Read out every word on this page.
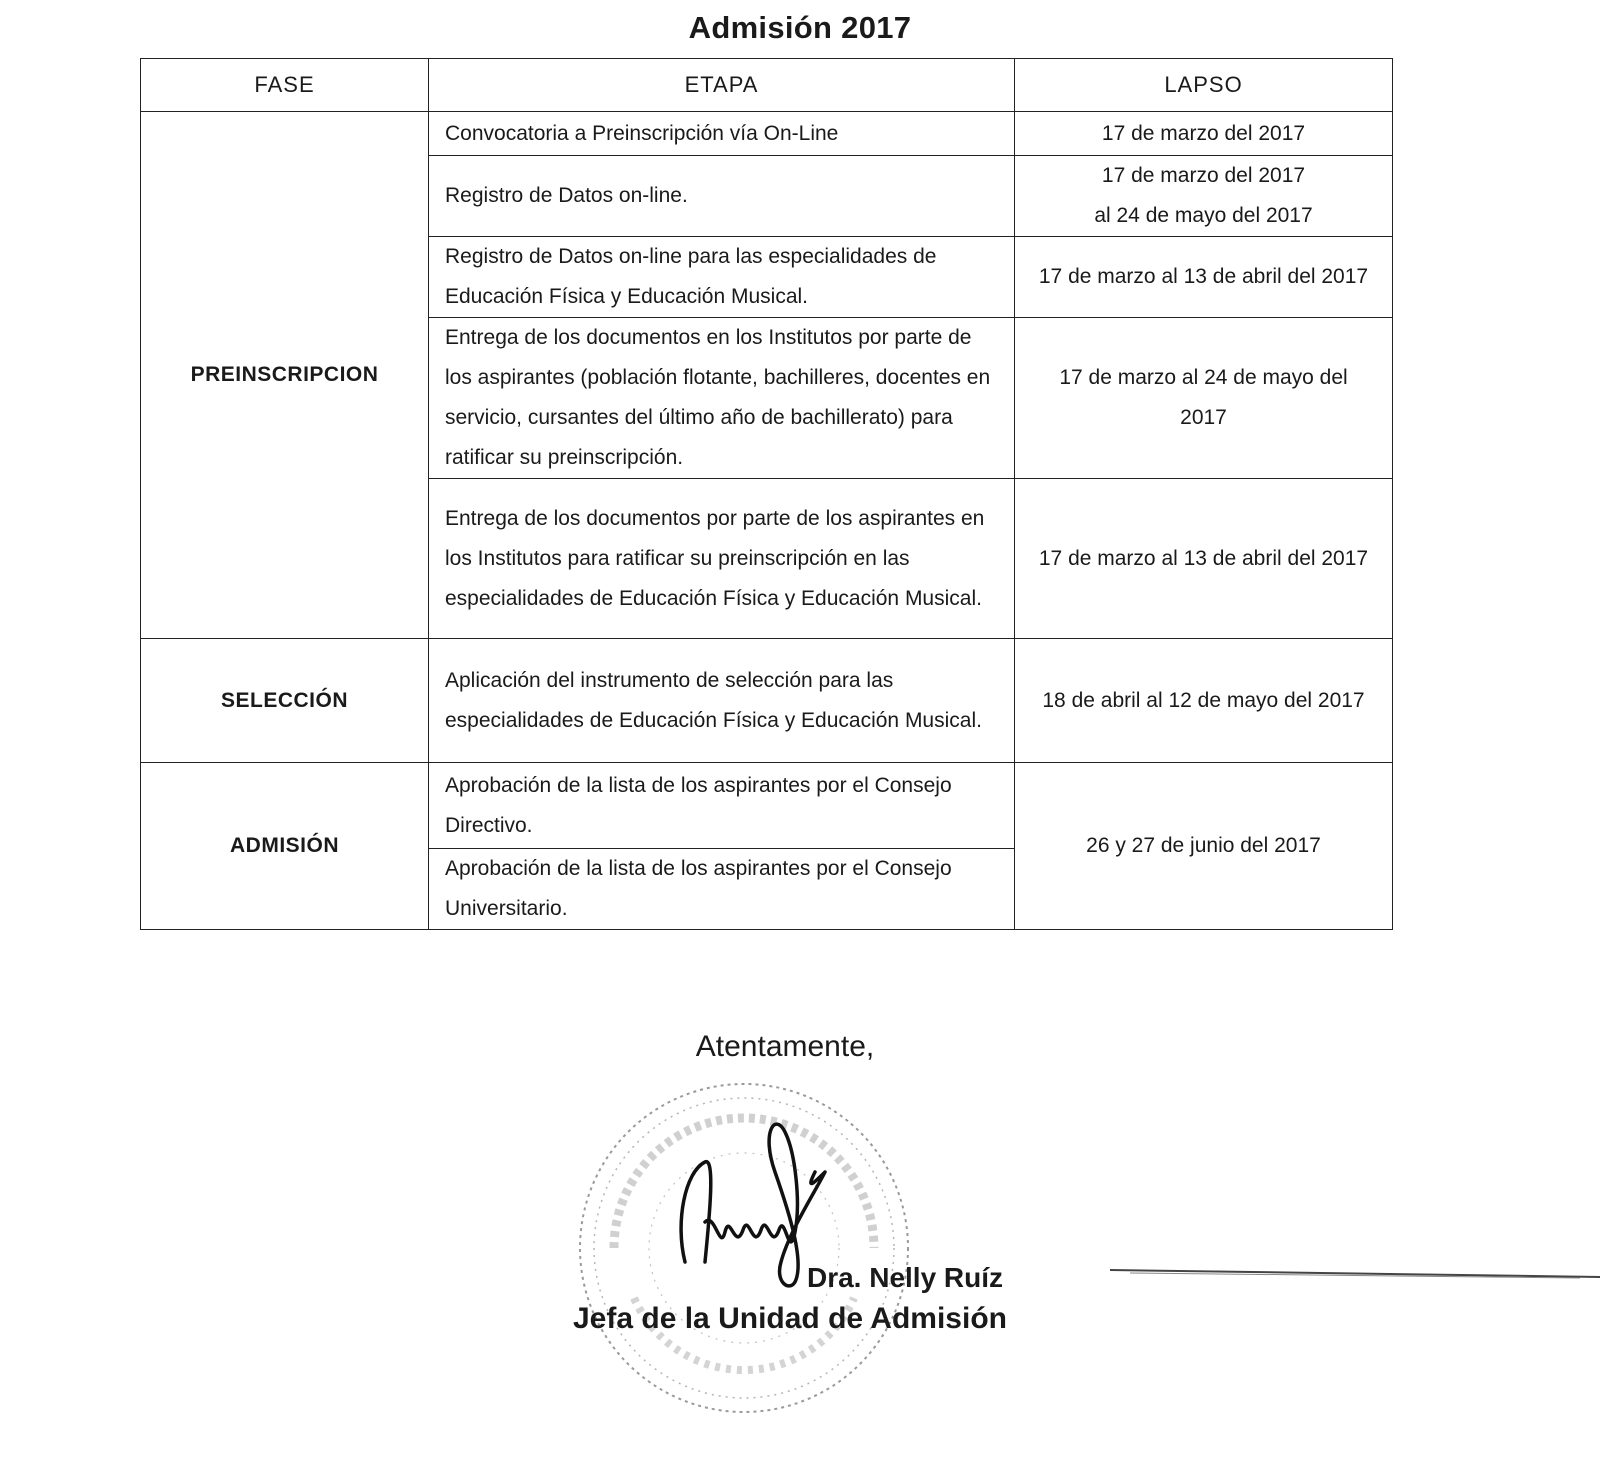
Admisión 2017
FASE	ETAPA	LAPSO
PREINSCRIPCION	Convocatoria a Preinscripción vía On-Line	17 de marzo del 2017
	Registro de Datos on-line.	17 de marzo del 2017
al 24 de mayo del 2017

	Registro de Datos on-line para las especialidades de Educación Física y Educación Musical.	17 de marzo al 13 de abril del 2017
	Entrega de los documentos en los Institutos por parte de los aspirantes (población flotante, bachilleres, docentes en servicio, cursantes del último año de bachillerato) para ratificar su preinscripción.	17 de marzo al 24 de mayo del 2017
	Entrega de los documentos por parte de los aspirantes en los Institutos para ratificar su preinscripción en las especialidades de Educación Física y Educación Musical.	17 de marzo al 13 de abril del 2017
SELECCIÓN	Aplicación del instrumento de selección para las especialidades de Educación Física y Educación Musical.	18 de abril al 12 de mayo del 2017
ADMISIÓN	Aprobación de la lista de los aspirantes por el Consejo Directivo.	26 y 27 de junio del 2017
	Aprobación de la lista de los aspirantes por el Consejo Universitario.	
Atentamente,
Dra. Nelly Ruíz
Jefa de la Unidad de Admisión
